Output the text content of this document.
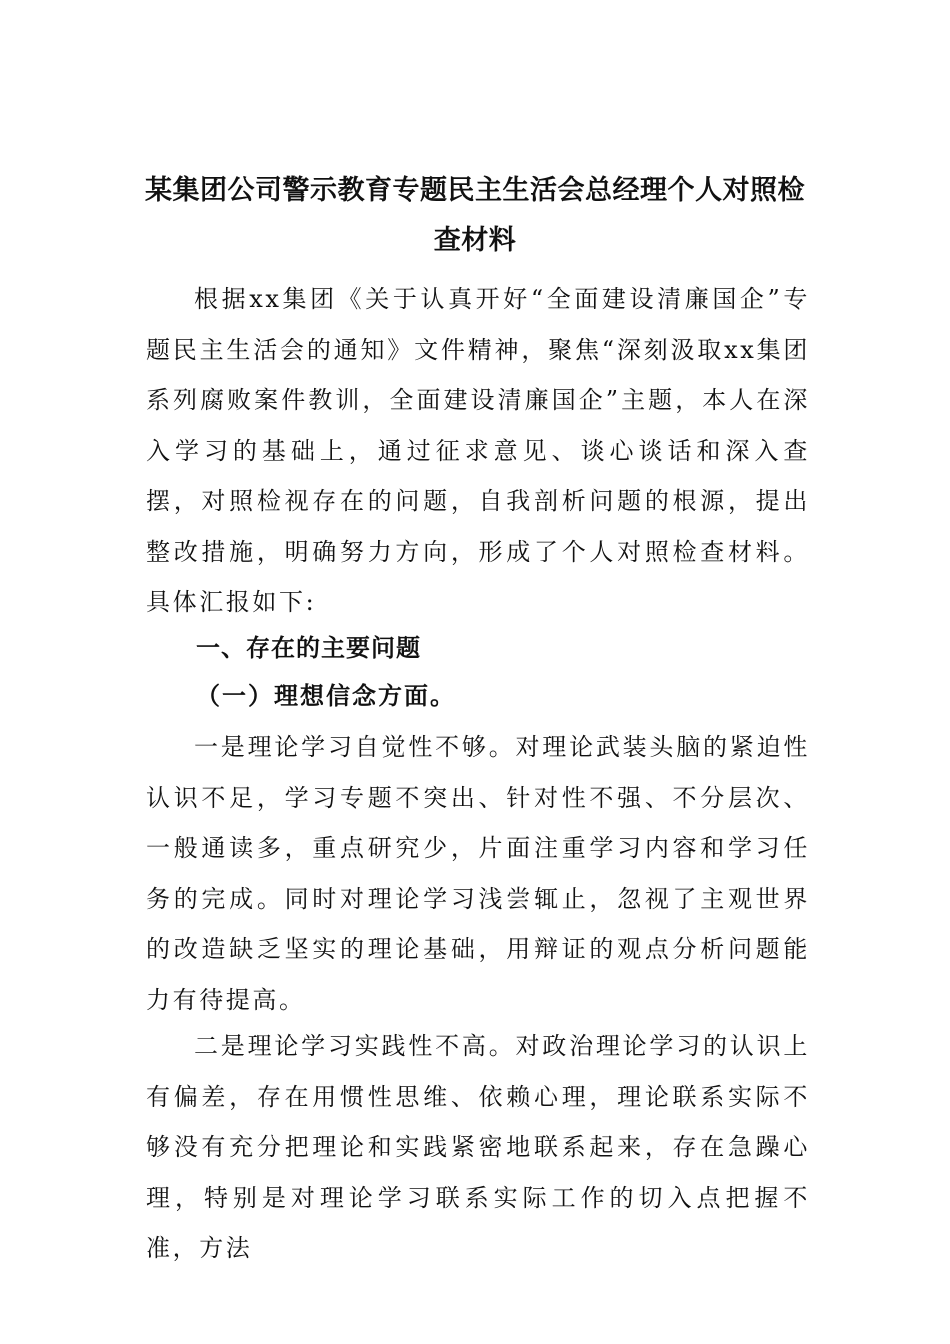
某集团公司警示教育专题民主生活会总经理个人对照检查材料

根据xx集团《关于认真开好“全面建设清廉国企”专题民主生活会的通知》文件精神，聚焦“深刻汲取xx集团系列腐败案件教训，全面建设清廉国企”主题，本人在深入学习的基础上，通过征求意见、谈心谈话和深入查摆，对照检视存在的问题，自我剖析问题的根源，提出整改措施，明确努力方向，形成了个人对照检查材料。具体汇报如下:

一、存在的主要问题
（一）理想信念方面。

一是理论学习自觉性不够。对理论武装头脑的紧迫性认识不足，学习专题不突出、针对性不强、不分层次、一般通读多，重点研究少，片面注重学习内容和学习任务的完成。同时对理论学习浅尝辄止，忽视了主观世界的改造缺乏坚实的理论基础，用辩证的观点分析问题能力有待提高。

二是理论学习实践性不高。对政治理论学习的认识上有偏差，存在用惯性思维、依赖心理，理论联系实际不够没有充分把理论和实践紧密地联系起来，存在急躁心理，特别是对理论学习联系实际工作的切入点把握不准，方法
